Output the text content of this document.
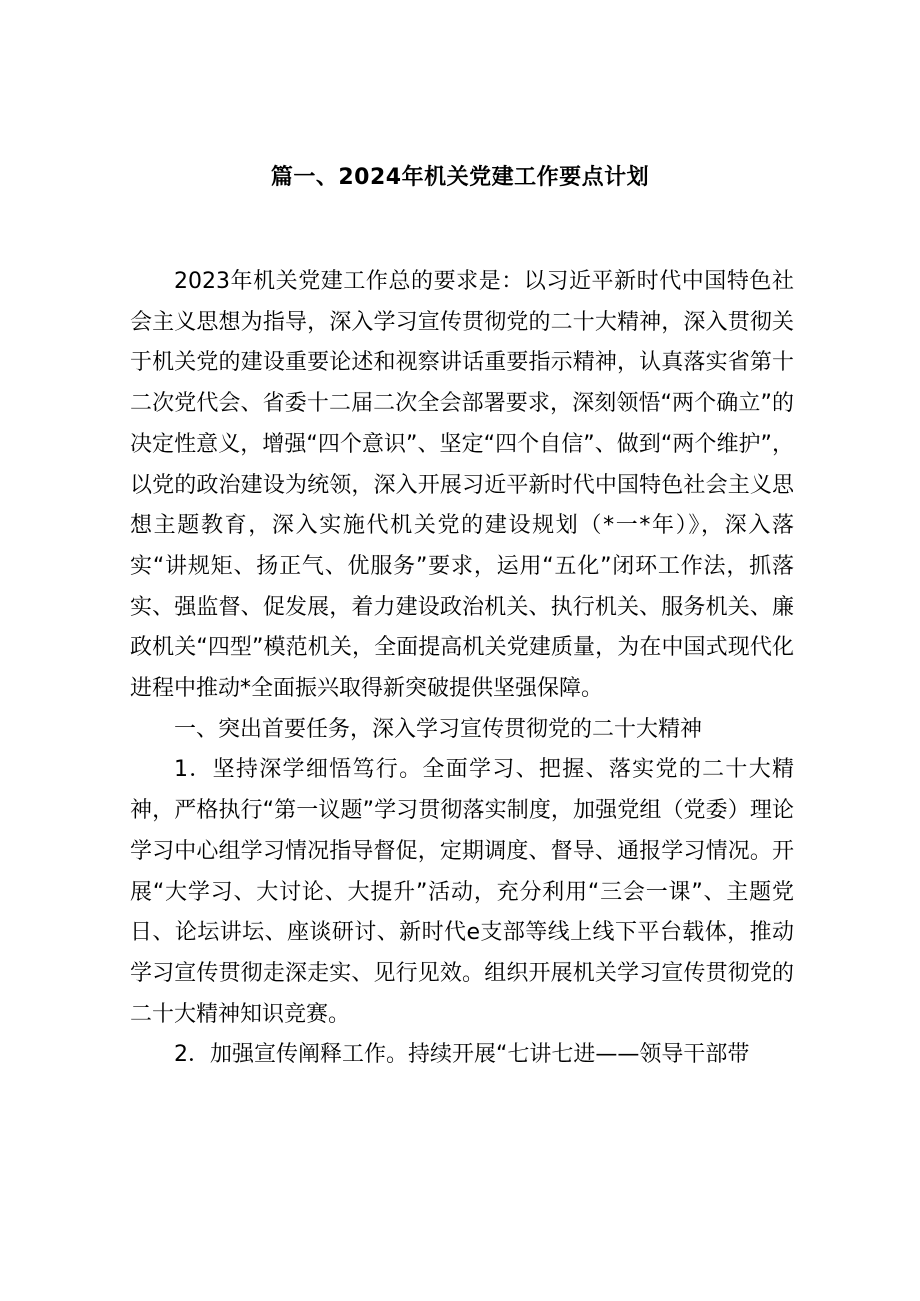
篇一、2024年机关党建工作要点计划

2023年机关党建工作总的要求是：以习近平新时代中国特色社会主义思想为指导，深入学习宣传贯彻党的二十大精神，深入贯彻关于机关党的建设重要论述和视察讲话重要指示精神，认真落实省第十二次党代会、省委十二届二次全会部署要求，深刻领悟“两个确立”的决定性意义，增强“四个意识”、坚定“四个自信”、做到“两个维护”，以党的政治建设为统领，深入开展习近平新时代中国特色社会主义思想主题教育，深入实施代机关党的建设规划（*一*年）》，深入落实“讲规矩、扬正气、优服务”要求，运用“五化”闭环工作法，抓落实、强监督、促发展，着力建设政治机关、执行机关、服务机关、廉政机关“四型”模范机关，全面提高机关党建质量，为在中国式现代化进程中推动*全面振兴取得新突破提供坚强保障。

一、突出首要任务，深入学习宣传贯彻党的二十大精神

1．坚持深学细悟笃行。全面学习、把握、落实党的二十大精神，严格执行“第一议题”学习贯彻落实制度，加强党组（党委）理论学习中心组学习情况指导督促，定期调度、督导、通报学习情况。开展“大学习、大讨论、大提升”活动，充分利用“三会一课”、主题党日、论坛讲坛、座谈研讨、新时代e支部等线上线下平台载体，推动学习宣传贯彻走深走实、见行见效。组织开展机关学习宣传贯彻党的二十大精神知识竞赛。

2．加强宣传阐释工作。持续开展“七讲七进——领导干部带
